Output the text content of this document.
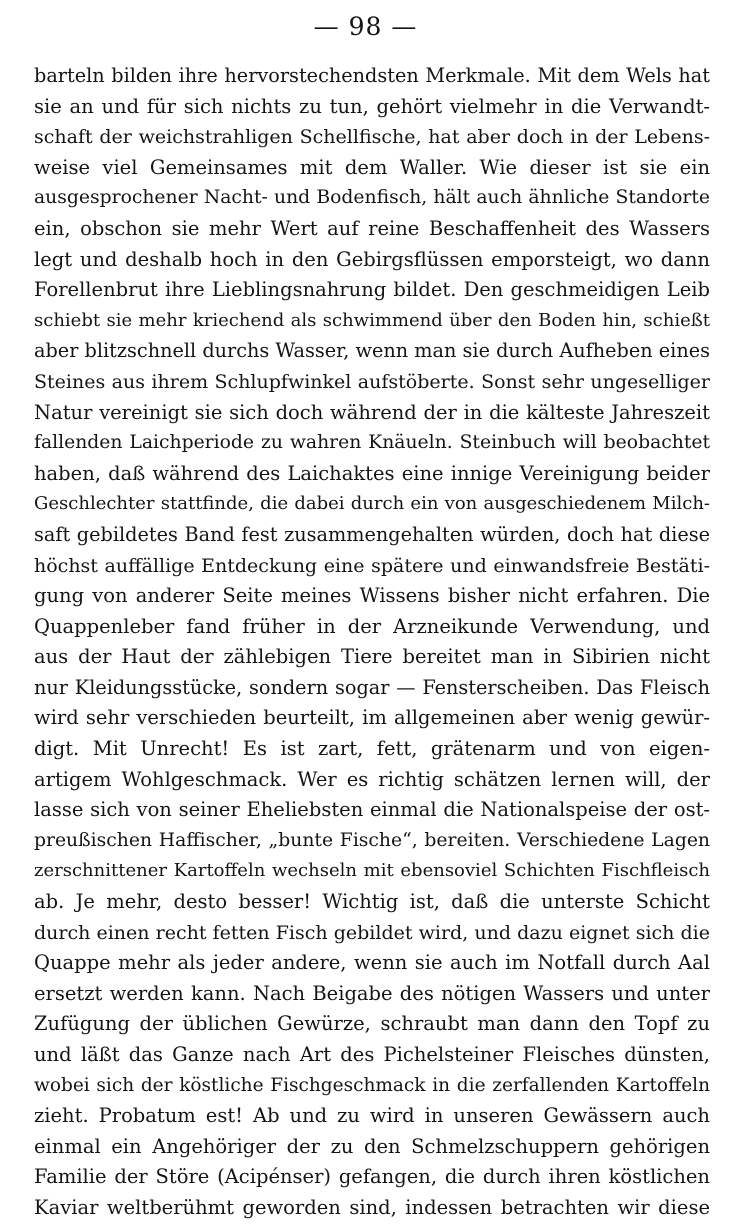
— 98 —
barteln bilden ihre hervorstechendsten Merkmale. Mit dem Wels hat
sie an und für sich nichts zu tun, gehört vielmehr in die Verwandt-
schaft der weichstrahligen Schellfische, hat aber doch in der Lebens-
weise viel Gemeinsames mit dem Waller. Wie dieser ist sie ein
ausgesprochener Nacht- und Bodenfisch, hält auch ähnliche Standorte
ein, obschon sie mehr Wert auf reine Beschaffenheit des Wassers
legt und deshalb hoch in den Gebirgsflüssen emporsteigt, wo dann
Forellenbrut ihre Lieblingsnahrung bildet. Den geschmeidigen Leib
schiebt sie mehr kriechend als schwimmend über den Boden hin, schießt
aber blitzschnell durchs Wasser, wenn man sie durch Aufheben eines
Steines aus ihrem Schlupfwinkel aufstöberte. Sonst sehr ungeselliger
Natur vereinigt sie sich doch während der in die kälteste Jahreszeit
fallenden Laichperiode zu wahren Knäueln. Steinbuch will beobachtet
haben, daß während des Laichaktes eine innige Vereinigung beider
Geschlechter stattfinde, die dabei durch ein von ausgeschiedenem Milch-
saft gebildetes Band fest zusammengehalten würden, doch hat diese
höchst auffällige Entdeckung eine spätere und einwandsfreie Bestäti-
gung von anderer Seite meines Wissens bisher nicht erfahren. Die
Quappenleber fand früher in der Arzneikunde Verwendung, und
aus der Haut der zählebigen Tiere bereitet man in Sibirien nicht
nur Kleidungsstücke, sondern sogar — Fensterscheiben. Das Fleisch
wird sehr verschieden beurteilt, im allgemeinen aber wenig gewür-
digt. Mit Unrecht! Es ist zart, fett, grätenarm und von eigen-
artigem Wohlgeschmack. Wer es richtig schätzen lernen will, der
lasse sich von seiner Eheliebsten einmal die Nationalspeise der ost-
preußischen Haffischer, „bunte Fische“, bereiten. Verschiedene Lagen
zerschnittener Kartoffeln wechseln mit ebensoviel Schichten Fischfleisch
ab. Je mehr, desto besser! Wichtig ist, daß die unterste Schicht
durch einen recht fetten Fisch gebildet wird, und dazu eignet sich die
Quappe mehr als jeder andere, wenn sie auch im Notfall durch Aal
ersetzt werden kann. Nach Beigabe des nötigen Wassers und unter
Zufügung der üblichen Gewürze, schraubt man dann den Topf zu
und läßt das Ganze nach Art des Pichelsteiner Fleisches dünsten,
wobei sich der köstliche Fischgeschmack in die zerfallenden Kartoffeln
zieht. Probatum est! Ab und zu wird in unseren Gewässern auch
einmal ein Angehöriger der zu den Schmelzschuppern gehörigen
Familie der Störe (Acipénser) gefangen, die durch ihren köstlichen
Kaviar weltberühmt geworden sind, indessen betrachten wir diese
